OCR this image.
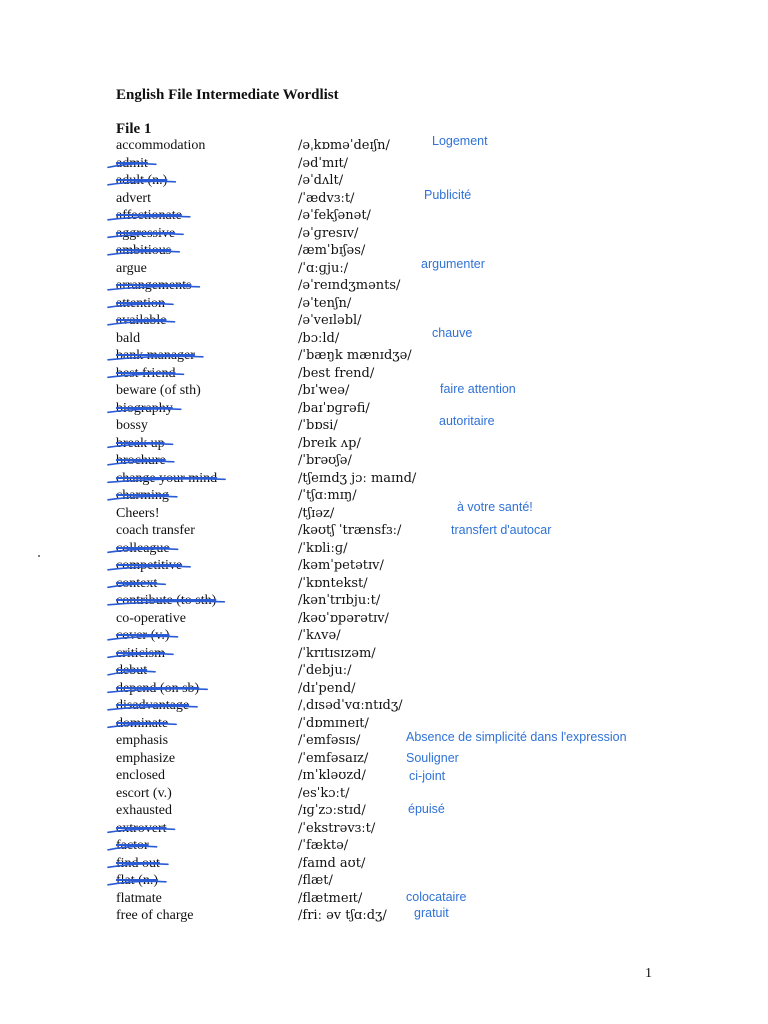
English File Intermediate Wordlist
File 1
accommodation	/əˌkɒməˈdeɪʃn/
admit	/ədˈmɪt/
adult (n.)	/əˈdʌlt/
advert	/ˈædvɜːt/
affectionate	/əˈfekʃənət/
aggressive	/əˈɡresɪv/
ambitious	/æmˈbɪʃəs/
argue	/ˈɑːɡjuː/
arrangements	/əˈreɪndʒmənts/
attention	/əˈtenʃn/
available	/əˈveɪləbl/
bald	/bɔːld/
bank manager	/ˈbæŋk mænɪdʒə/
best friend	/best frend/
beware (of sth)	/bɪˈweə/
biography	/baɪˈɒɡrəfi/
bossy	/ˈbɒsi/
break up	/breɪk ʌp/
brochure	/ˈbrəʊʃə/
change your mind	/tʃeɪndʒ jɔː maɪnd/
charming	/ˈtʃɑːmɪŋ/
Cheers!	/tʃɪəz/
coach transfer	/kəʊtʃ ˈtrænsfɜː/
colleague	/ˈkɒliːɡ/
competitive	/kəmˈpetətɪv/
context	/ˈkɒntekst/
contribute (to sth)	/kənˈtrɪbjuːt/
co-operative	/kəʊˈɒpərətɪv/
cover (v.)	/ˈkʌvə/
criticism	/ˈkrɪtɪsɪzəm/
debut	/ˈdebjuː/
depend (on sb)	/dɪˈpend/
disadvantage	/ˌdɪsədˈvɑːntɪdʒ/
dominate	/ˈdɒmɪneɪt/
emphasis	/ˈemfəsɪs/
emphasize	/ˈemfəsaɪz/
enclosed	/ɪnˈkləʊzd/
escort (v.)	/esˈkɔːt/
exhausted	/ɪɡˈzɔːstɪd/
extrovert	/ˈekstrəvɜːt/
factor	/ˈfæktə/
find out	/faɪnd aʊt/
flat (n.)	/flæt/
flatmate	/flætmeɪt/
free of charge	/friː əv tʃɑːdʒ/
Logement
Publicité
argumenter
chauve
faire attention
autoritaire
à votre santé!
transfert d'autocar
Absence de simplicité dans l'expression
Souligner
ci-joint
épuisé
colocataire
gratuit
1
